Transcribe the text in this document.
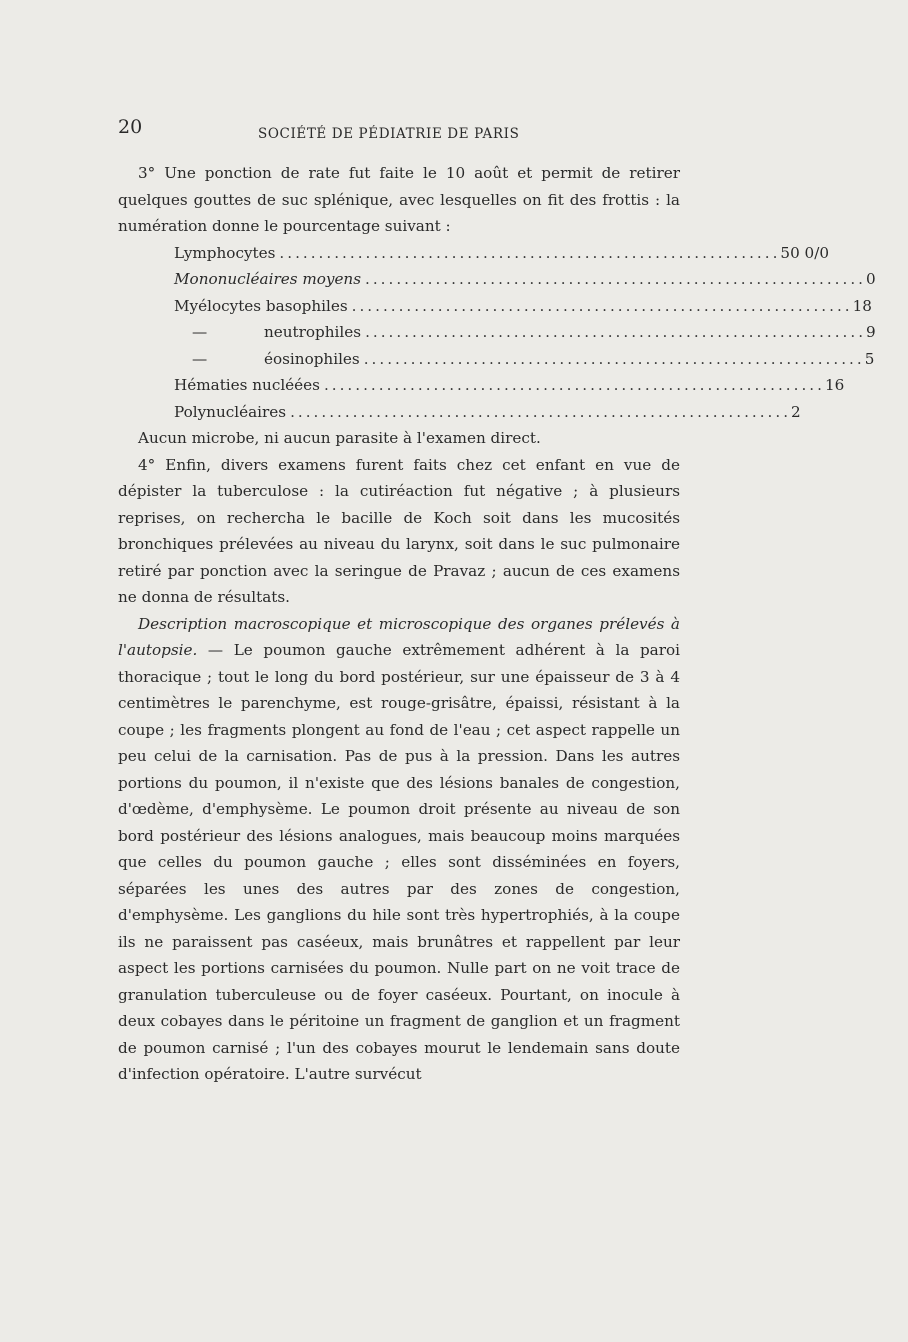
20	SOCIÉTÉ DE PÉDIATRIE DE PARIS

3° Une ponction de rate fut faite le 10 août et permit de retirer quelques gouttes de suc splénique, avec lesquelles on fit des frottis : la numération donne le pourcentage suivant :

Lymphocytes ................................................................ 50 0/0
Mononucléaires moyens ................................................................ 0
Myélocytes basophiles ................................................................ 18
—	neutrophiles ................................................................ 9
—	éosinophiles ................................................................ 5
Hématies nucléées ................................................................ 16
Polynucléaires ................................................................ 2

Aucun microbe, ni aucun parasite à l'examen direct.

4° Enfin, divers examens furent faits chez cet enfant en vue de dépister la tuberculose : la cutiréaction fut négative ; à plusieurs reprises, on rechercha le bacille de Koch soit dans les mucosités bronchiques prélevées au niveau du larynx, soit dans le suc pulmonaire retiré par ponction avec la seringue de Pravaz ; aucun de ces examens ne donna de résultats.

Description macroscopique et microscopique des organes prélevés à l'autopsie. — Le poumon gauche extrêmement adhérent à la paroi thoracique ; tout le long du bord postérieur, sur une épaisseur de 3 à 4 centimètres le parenchyme, est rouge-grisâtre, épaissi, résistant à la coupe ; les fragments plongent au fond de l'eau ; cet aspect rappelle un peu celui de la carnisation. Pas de pus à la pression. Dans les autres portions du poumon, il n'existe que des lésions banales de congestion, d'œdème, d'emphysème. Le poumon droit présente au niveau de son bord postérieur des lésions analogues, mais beaucoup moins marquées que celles du poumon gauche ; elles sont disséminées en foyers, séparées les unes des autres par des zones de congestion, d'emphysème. Les ganglions du hile sont très hypertrophiés, à la coupe ils ne paraissent pas caséeux, mais brunâtres et rappellent par leur aspect les portions carnisées du poumon. Nulle part on ne voit trace de granulation tuberculeuse ou de foyer caséeux. Pourtant, on inocule à deux cobayes dans le péritoine un fragment de ganglion et un fragment de poumon carnisé ; l'un des cobayes mourut le lendemain sans doute d'infection opératoire. L'autre survécut
